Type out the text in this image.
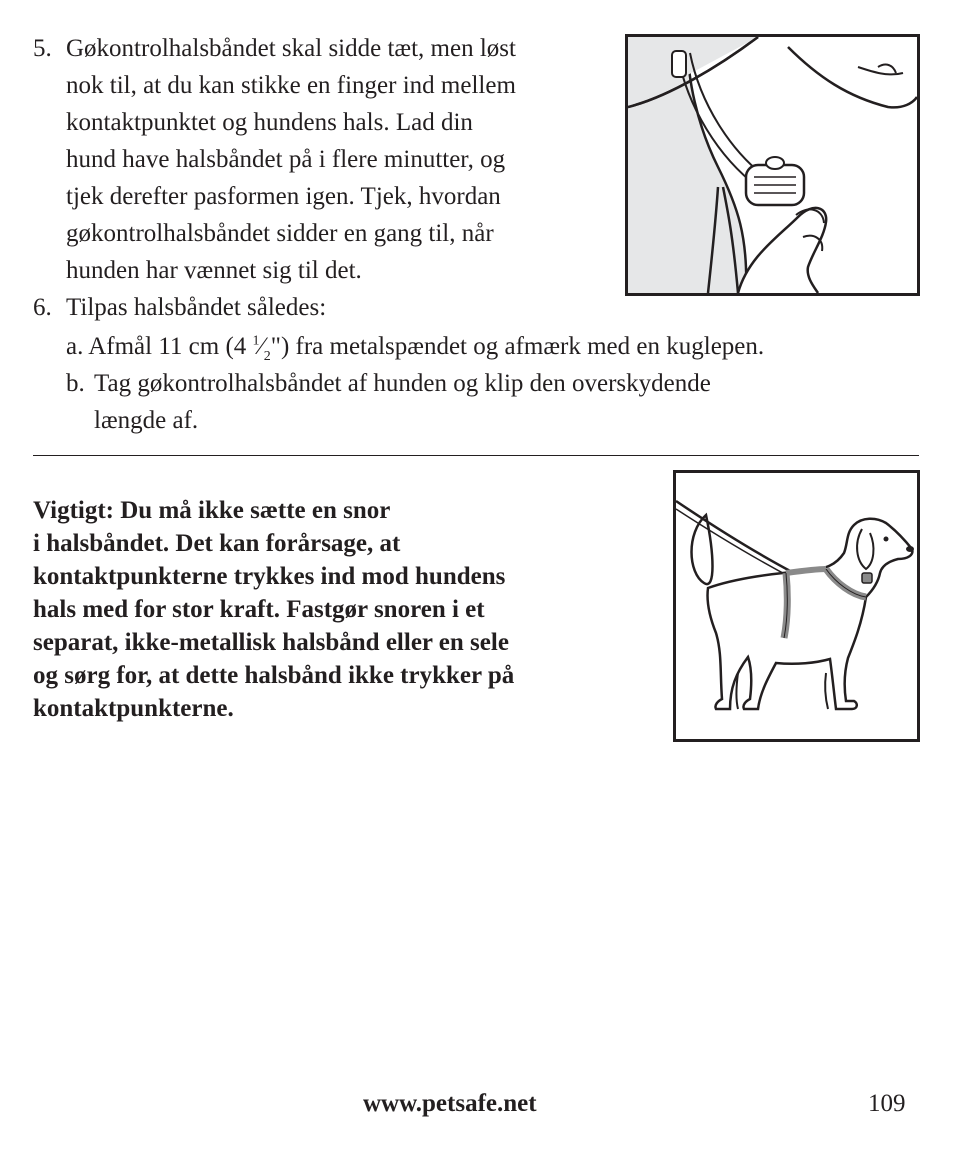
5. Gøkontrolhalsbåndet skal sidde tæt, men løst
nok til, at du kan stikke en finger ind mellem
kontaktpunktet og hundens hals. Lad din
hund have halsbåndet på i flere minutter, og
tjek derefter pasformen igen. Tjek, hvordan
gøkontrolhalsbåndet sidder en gang til, når
hunden har vænnet sig til det.
6. Tilpas halsbåndet således:
a. Afmål 11 cm (4 $^1⁄_2$") fra metalspændet og afmærk med en kuglepen.
b. Tag gøkontrolhalsbåndet af hunden og klip den overskydende
længde af.
Vigtigt: Du må ikke sætte en snor
i halsbåndet. Det kan forårsage, at
kontaktpunkterne trykkes ind mod hundens
hals med for stor kraft. Fastgør snoren i et
separat, ikke-metallisk halsbånd eller en sele
og sørg for, at dette halsbånd ikke trykker på
kontaktpunkterne.
www.petsafe.net	109
